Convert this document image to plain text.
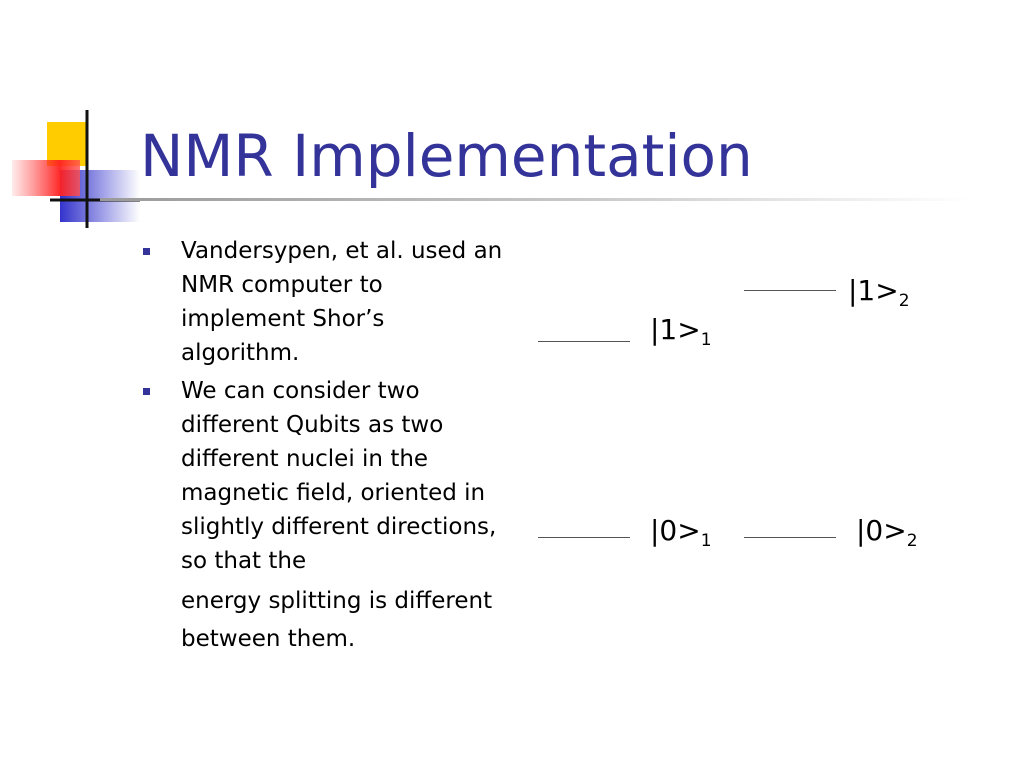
NMR Implementation
Vandersypen, et al. used an NMR computer to implement Shor’s algorithm.
We can consider two different Qubits as two different nuclei in the magnetic field, oriented in slightly different directions, so that the
energy splitting is different between them.
$|1>_2$
$|1>_1$
$|0>_1$	$|0>_2$
